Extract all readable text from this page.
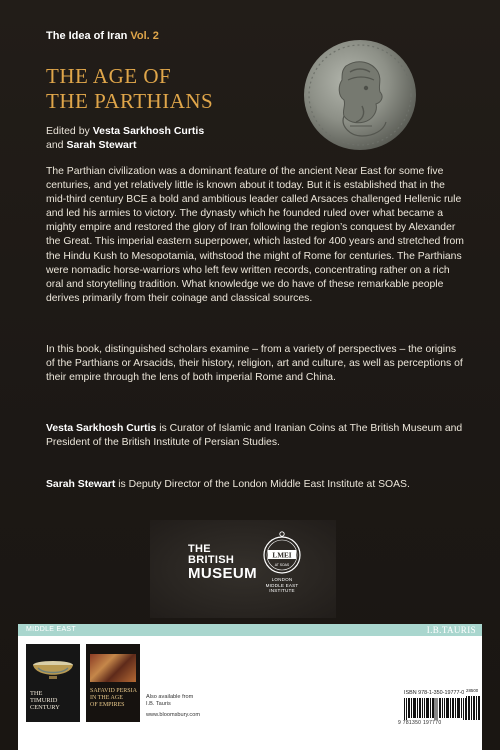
The Idea of Iran Vol. 2
THE AGE OF
THE PARTHIANS
Edited by Vesta Sarkhosh Curtis
and Sarah Stewart

The Parthian civilization was a dominant feature of the ancient Near East for some five centuries, and yet relatively little is known about it today. But it is established that in the mid-third century BCE a bold and ambitious leader called Arsaces challenged Hellenic rule and led his armies to victory. The dynasty which he founded ruled over what became a mighty empire and restored the glory of Iran following the region’s conquest by Alexander the Great. This imperial eastern superpower, which lasted for 400 years and stretched from the Hindu Kush to Mesopotamia, withstood the might of Rome for centuries. The Parthians were nomadic horse-warriors who left few written records, concentrating rather on a rich oral and storytelling tradition. What knowledge we do have of these remarkable people derives primarily from their coinage and classical sources.

In this book, distinguished scholars examine – from a variety of perspectives – the origins of the Parthians or Arsacids, their history, religion, art and culture, as well as perceptions of their empire through the lens of both imperial Rome and China.

Vesta Sarkhosh Curtis is Curator of Islamic and Iranian Coins at The British Museum and President of the British Institute of Persian Studies.

Sarah Stewart is Deputy Director of the London Middle East Institute at SOAS.

THE
BRITISH
MUSEUM
LMEI
AT SOAS
LONDON
MIDDLE EAST
INSTITUTE
MIDDLE EAST	I.B.TAURIS
THE
TIMURID
CENTURY
SAFAVID PERSIA
IN THE AGE
OF EMPIRES
Also available from
I.B. Tauris
www.bloomsbury.com
ISBN 978-1-350-19777-0
9 781350 197770
28500
